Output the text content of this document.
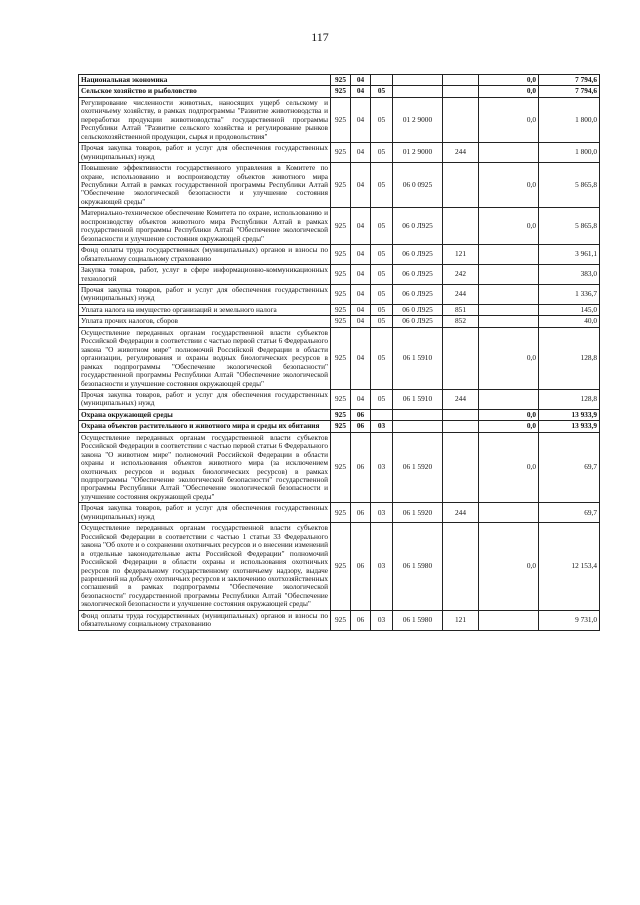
117
Национальная экономика	925	04				0,0	7 794,6
Сельское хозяйство и рыболовство	925	04	05			0,0	7 794,6
Регулирование численности животных, наносящих ущерб сельскому и охотничьему хозяйству, в рамках подпрограммы "Развитие животноводства и переработки продукции животноводства" государственной программы Республики Алтай "Развитие сельского хозяйства и регулирование рынков сельскохозяйственной продукции, сырья и продовольствия"	925	04	05	01 2 9000		0,0	1 800,0
Прочая закупка товаров, работ и услуг для обеспечения государственных (муниципальных) нужд	925	04	05	01 2 9000	244		1 800,0
Повышение эффективности государственного управления в Комитете по охране, использованию и воспроизводству объектов животного мира Республики Алтай в рамках государственной программы Республики Алтай "Обеспечение экологической безопасности и улучшение состояния окружающей среды"	925	04	05	06 0 0925		0,0	5 865,8
Материально-техническое обеспечение Комитета по охране, использованию и воспроизводству объектов животного мира Республики Алтай в рамках государственной программы Республики Алтай "Обеспечение экологической безопасности и улучшение состояния окружающей среды"	925	04	05	06 0 Л925		0,0	5 865,8
Фонд оплаты труда государственных (муниципальных) органов и взносы по обязательному социальному страхованию	925	04	05	06 0 Л925	121		3 961,1
Закупка товаров, работ, услуг в сфере информационно-коммуникационных технологий	925	04	05	06 0 Л925	242		383,0
Прочая закупка товаров, работ и услуг для обеспечения государственных (муниципальных) нужд	925	04	05	06 0 Л925	244		1 336,7
Уплата налога на имущество организаций и земельного налога	925	04	05	06 0 Л925	851		145,0
Уплата прочих налогов, сборов	925	04	05	06 0 Л925	852		40,0
Осуществление переданных органам государственной власти субъектов Российской Федерации в соответствии с частью первой статьи 6 Федерального закона "О животном мире" полномочий Российской Федерации в области организации, регулирования и охраны водных биологических ресурсов в рамках подпрограммы "Обеспечение экологической безопасности" государственной программы Республики Алтай "Обеспечение экологической безопасности и улучшение состояния окружающей среды"	925	04	05	06 1 5910		0,0	128,8
Прочая закупка товаров, работ и услуг для обеспечения государственных (муниципальных) нужд	925	04	05	06 1 5910	244		128,8
Охрана окружающей среды	925	06				0,0	13 933,9
Охрана объектов растительного и животного мира и среды их обитания	925	06	03			0,0	13 933,9
Осуществление переданных органам государственной власти субъектов Российской Федерации в соответствии с частью первой статьи 6 Федерального закона "О животном мире" полномочий Российской Федерации в области охраны и использования объектов животного мира (за исключением охотничьих ресурсов и водных биологических ресурсов) в рамках подпрограммы "Обеспечение экологической безопасности" государственной программы Республики Алтай "Обеспечение экологической безопасности и улучшение состояния окружающей среды"	925	06	03	06 1 5920		0,0	69,7
Прочая закупка товаров, работ и услуг для обеспечения государственных (муниципальных) нужд	925	06	03	06 1 5920	244		69,7
Осуществление переданных органам государственной власти субъектов Российской Федерации в соответствии с частью 1 статьи 33 Федерального закона "Об охоте и о сохранении охотничьих ресурсов и о внесении изменений в отдельные законодательные акты Российской Федерации" полномочий Российской Федерации в области охраны и использования охотничьих ресурсов по федеральному государственному охотничьему надзору, выдаче разрешений на добычу охотничьих ресурсов и заключению охотхозяйственных соглашений в рамках подпрограммы "Обеспечение экологической безопасности" государственной программы Республики Алтай "Обеспечение экологической безопасности и улучшение состояния окружающей среды"	925	06	03	06 1 5980		0,0	12 153,4
Фонд оплаты труда государственных (муниципальных) органов и взносы по обязательному социальному страхованию	925	06	03	06 1 5980	121		9 731,0
